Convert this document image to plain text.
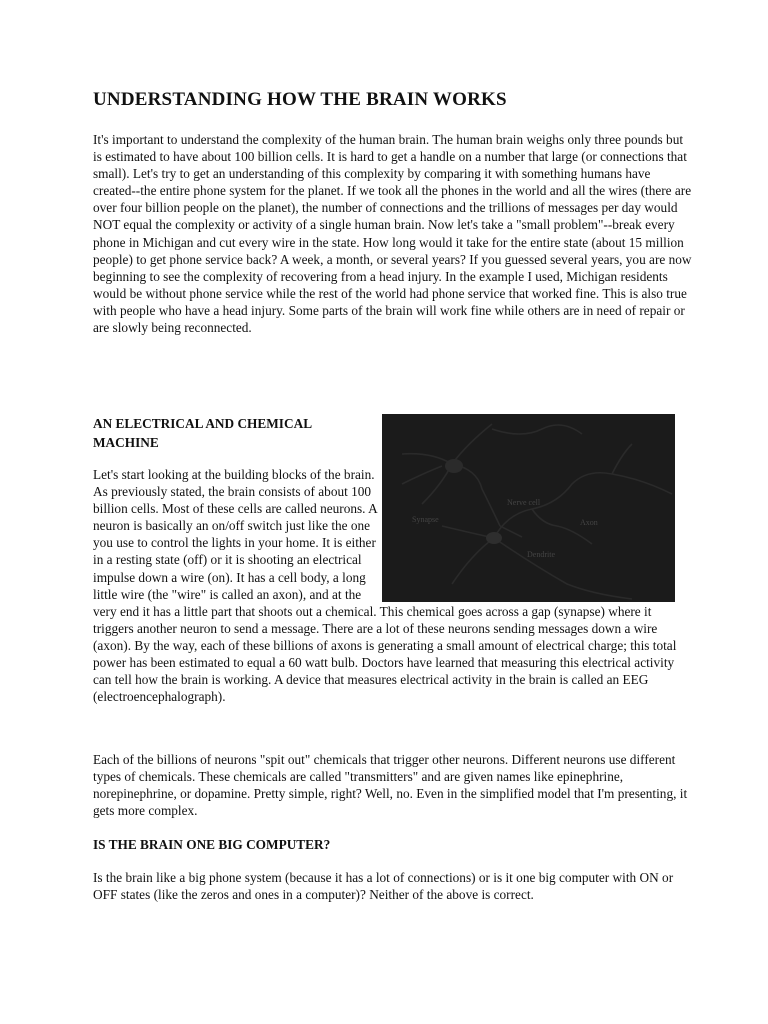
UNDERSTANDING HOW THE BRAIN WORKS
It's important to understand the complexity of the human brain. The human brain weighs only three pounds but is estimated to have about 100 billion cells. It is hard to get a handle on a number that large (or connections that small). Let's try to get an understanding of this complexity by comparing it with something humans have created--the entire phone system for the planet. If we took all the phones in the world and all the wires (there are over four billion people on the planet), the number of connections and the trillions of messages per day would NOT equal the complexity or activity of a single human brain. Now let's take a "small problem"--break every phone in Michigan and cut every wire in the state. How long would it take for the entire state (about 15 million people) to get phone service back? A week, a month, or several years? If you guessed several years, you are now beginning to see the complexity of recovering from a head injury. In the example I used, Michigan residents would be without phone service while the rest of the world had phone service that worked fine. This is also true with people who have a head injury. Some parts of the brain will work fine while others are in need of repair or are slowly being reconnected.
AN ELECTRICAL AND CHEMICAL MACHINE
Nerve cell
Synapse	Axon
Dendrite
Let's start looking at the building blocks of the brain. As previously stated, the brain consists of about 100 billion cells. Most of these cells are called neurons. A neuron is basically an on/off switch just like the one you use to control the lights in your home. It is either in a resting state (off) or it is shooting an electrical impulse down a wire (on). It has a cell body, a long little wire (the "wire" is called an axon), and at the very end it has a little part that shoots out a chemical. This chemical goes across a gap (synapse) where it triggers another neuron to send a message. There are a lot of these neurons sending messages down a wire (axon). By the way, each of these billions of axons is generating a small amount of electrical charge; this total power has been estimated to equal a 60 watt bulb. Doctors have learned that measuring this electrical activity can tell how the brain is working. A device that measures electrical activity in the brain is called an EEG (electroencephalograph).
Each of the billions of neurons "spit out" chemicals that trigger other neurons. Different neurons use different types of chemicals. These chemicals are called "transmitters" and are given names like epinephrine, norepinephrine, or dopamine. Pretty simple, right? Well, no. Even in the simplified model that I'm presenting, it gets more complex.
IS THE BRAIN ONE BIG COMPUTER?
Is the brain like a big phone system (because it has a lot of connections) or is it one big computer with ON or OFF states (like the zeros and ones in a computer)? Neither of the above is correct.
